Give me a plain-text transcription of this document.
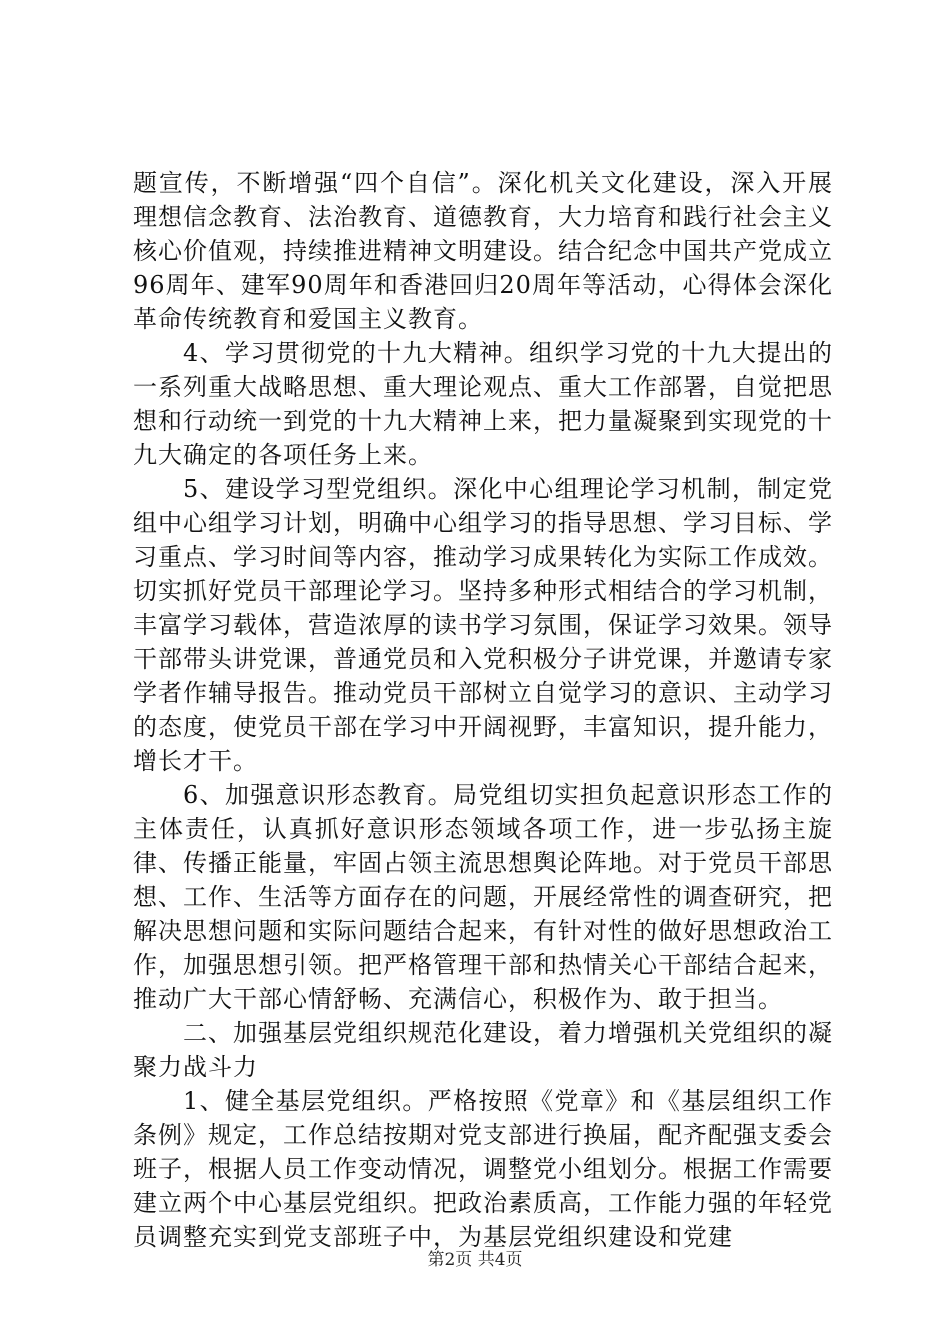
题宣传，不断增强“四个自信”。深化机关文化建设，深入开展理想信念教育、法治教育、道德教育，大力培育和践行社会主义核心价值观，持续推进精神文明建设。结合纪念中国共产党成立96周年、建军90周年和香港回归20周年等活动，心得体会深化革命传统教育和爱国主义教育。

4、学习贯彻党的十九大精神。组织学习党的十九大提出的一系列重大战略思想、重大理论观点、重大工作部署，自觉把思想和行动统一到党的十九大精神上来，把力量凝聚到实现党的十九大确定的各项任务上来。

5、建设学习型党组织。深化中心组理论学习机制，制定党组中心组学习计划，明确中心组学习的指导思想、学习目标、学习重点、学习时间等内容，推动学习成果转化为实际工作成效。切实抓好党员干部理论学习。坚持多种形式相结合的学习机制，丰富学习载体，营造浓厚的读书学习氛围，保证学习效果。领导干部带头讲党课，普通党员和入党积极分子讲党课，并邀请专家学者作辅导报告。推动党员干部树立自觉学习的意识、主动学习的态度，使党员干部在学习中开阔视野，丰富知识，提升能力，增长才干。

6、加强意识形态教育。局党组切实担负起意识形态工作的主体责任，认真抓好意识形态领域各项工作，进一步弘扬主旋律、传播正能量，牢固占领主流思想舆论阵地。对于党员干部思想、工作、生活等方面存在的问题，开展经常性的调查研究，把解决思想问题和实际问题结合起来，有针对性的做好思想政治工作，加强思想引领。把严格管理干部和热情关心干部结合起来，推动广大干部心情舒畅、充满信心，积极作为、敢于担当。

二、加强基层党组织规范化建设，着力增强机关党组织的凝聚力战斗力

1、健全基层党组织。严格按照《党章》和《基层组织工作条例》规定，工作总结按期对党支部进行换届，配齐配强支委会班子，根据人员工作变动情况，调整党小组划分。根据工作需要建立两个中心基层党组织。把政治素质高，工作能力强的年轻党员调整充实到党支部班子中，为基层党组织建设和党建

第2页 共4页
